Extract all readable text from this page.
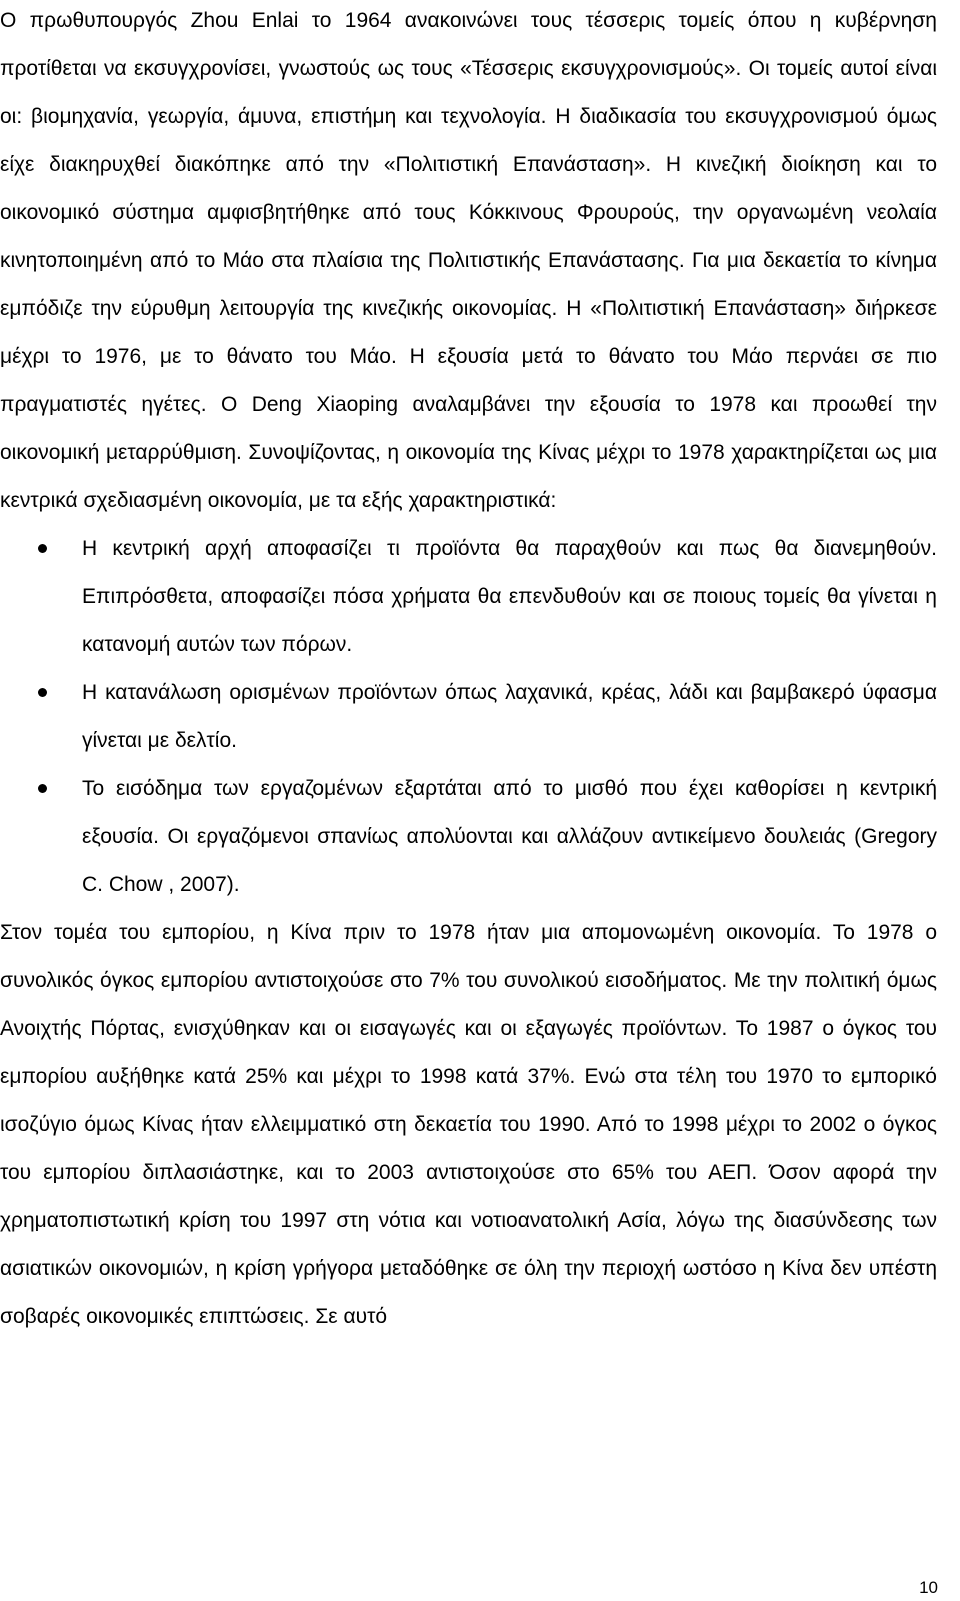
Ο πρωθυπουργός Zhou Enlai το 1964 ανακοινώνει τους τέσσερις τομείς όπου η κυβέρνηση προτίθεται να εκσυγχρονίσει, γνωστούς ως τους «Τέσσερις εκσυγχρονισμούς». Οι τομείς αυτοί είναι οι: βιομηχανία, γεωργία, άμυνα, επιστήμη και τεχνολογία. Η διαδικασία του εκσυγχρονισμού όμως είχε διακηρυχθεί διακόπηκε από την «Πολιτιστική Επανάσταση». Η κινεζική διοίκηση και το οικονομικό σύστημα αμφισβητήθηκε από τους Κόκκινους Φρουρούς, την οργανωμένη νεολαία κινητοποιημένη από το Μάο στα πλαίσια της Πολιτιστικής Επανάστασης. Για μια δεκαετία το κίνημα εμπόδιζε την εύρυθμη λειτουργία της κινεζικής οικονομίας. Η «Πολιτιστική Επανάσταση» διήρκεσε μέχρι το 1976, με το θάνατο του Μάο. Η εξουσία μετά το θάνατο του Μάο περνάει σε πιο πραγματιστές ηγέτες. Ο Deng Xiaoping αναλαμβάνει την εξουσία το 1978 και προωθεί την οικονομική μεταρρύθμιση. Συνοψίζοντας, η οικονομία της Κίνας μέχρι το 1978 χαρακτηρίζεται ως μια κεντρικά σχεδιασμένη οικονομία, με τα εξής χαρακτηριστικά:

Η κεντρική αρχή αποφασίζει τι προϊόντα θα παραχθούν και πως θα διανεμηθούν. Επιπρόσθετα, αποφασίζει πόσα χρήματα θα επενδυθούν και σε ποιους τομείς θα γίνεται η κατανομή αυτών των πόρων.
Η κατανάλωση ορισμένων προϊόντων όπως λαχανικά, κρέας, λάδι και βαμβακερό ύφασμα γίνεται με δελτίο.
Το εισόδημα των εργαζομένων εξαρτάται από το μισθό που έχει καθορίσει η κεντρική εξουσία. Οι εργαζόμενοι σπανίως απολύονται και αλλάζουν αντικείμενο δουλειάς (Gregory C. Chow , 2007).

Στον τομέα του εμπορίου, η Κίνα πριν το 1978 ήταν μια απομονωμένη οικονομία. Το 1978 ο συνολικός όγκος εμπορίου αντιστοιχούσε στο 7% του συνολικού εισοδήματος. Με την πολιτική όμως Ανοιχτής Πόρτας, ενισχύθηκαν και οι εισαγωγές και οι εξαγωγές προϊόντων. Το 1987 ο όγκος του εμπορίου αυξήθηκε κατά 25% και μέχρι το 1998 κατά 37%. Ενώ στα τέλη του 1970 το εμπορικό ισοζύγιο όμως Κίνας ήταν ελλειμματικό στη δεκαετία του 1990. Από το 1998 μέχρι το 2002 ο όγκος του εμπορίου διπλασιάστηκε, και το 2003 αντιστοιχούσε στο 65% του ΑΕΠ. Όσον αφορά την χρηματοπιστωτική κρίση του 1997 στη νότια και νοτιοανατολική Ασία, λόγω της διασύνδεσης των ασιατικών οικονομιών, η κρίση γρήγορα μεταδόθηκε σε όλη την περιοχή ωστόσο η Κίνα δεν υπέστη σοβαρές οικονομικές επιπτώσεις. Σε αυτό

10
